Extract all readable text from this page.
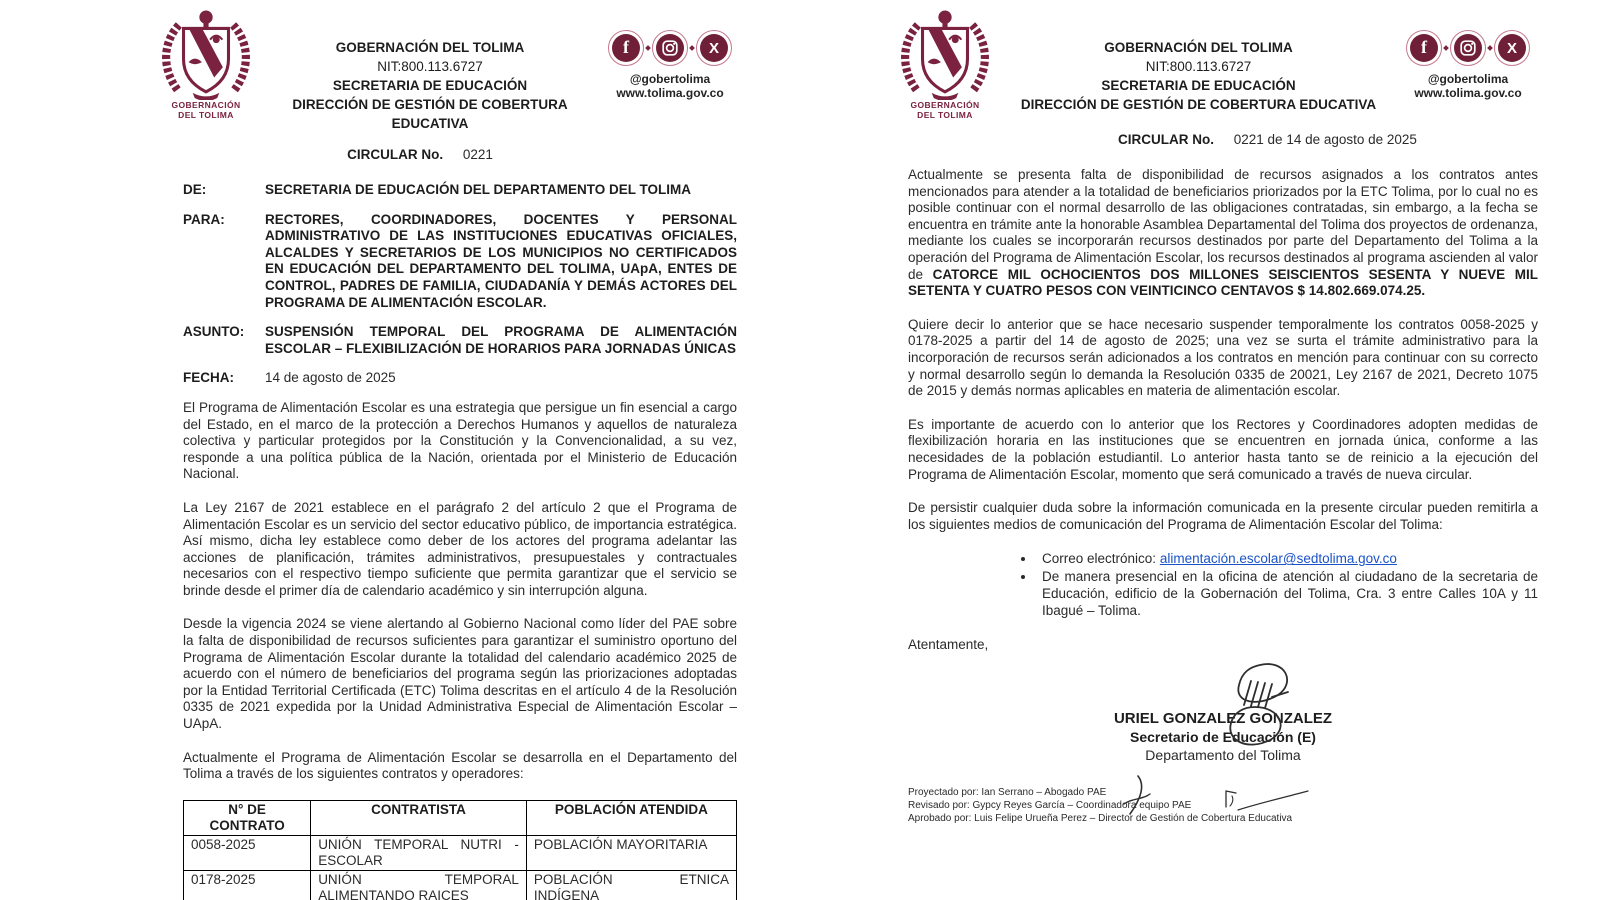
GOBERNACIÓN
DEL TOLIMA
GOBERNACIÓN DEL TOLIMA
NIT:800.113.6727
SECRETARIA DE EDUCACIÓN
DIRECCIÓN DE GESTIÓN DE COBERTURA EDUCATIVA
f	X
@gobertolima
www.tolima.gov.co
CIRCULAR No. 0221
DE:	SECRETARIA DE EDUCACIÓN DEL DEPARTAMENTO DEL TOLIMA
PARA:	RECTORES, COORDINADORES, DOCENTES Y PERSONAL ADMINISTRATIVO DE LAS INSTITUCIONES EDUCATIVAS OFICIALES, ALCALDES Y SECRETARIOS DE LOS MUNICIPIOS NO CERTIFICADOS EN EDUCACIÓN DEL DEPARTAMENTO DEL TOLIMA, UApA, ENTES DE CONTROL, PADRES DE FAMILIA, CIUDADANÍA Y DEMÁS ACTORES DEL PROGRAMA DE ALIMENTACIÓN ESCOLAR.
ASUNTO:	SUSPENSIÓN TEMPORAL DEL PROGRAMA DE ALIMENTACIÓN ESCOLAR – FLEXIBILIZACIÓN DE HORARIOS PARA JORNADAS ÚNICAS
FECHA:	14 de agosto de 2025

El Programa de Alimentación Escolar es una estrategia que persigue un fin esencial a cargo del Estado, en el marco de la protección a Derechos Humanos y aquellos de naturaleza colectiva y particular protegidos por la Constitución y la Convencionalidad, a su vez, responde a una política pública de la Nación, orientada por el Ministerio de Educación Nacional.

La Ley 2167 de 2021 establece en el parágrafo 2 del artículo 2 que el Programa de Alimentación Escolar es un servicio del sector educativo público, de importancia estratégica. Así mismo, dicha ley establece como deber de los actores del programa adelantar las acciones de planificación, trámites administrativos, presupuestales y contractuales necesarios con el respectivo tiempo suficiente que permita garantizar que el servicio se brinde desde el primer día de calendario académico y sin interrupción alguna.

Desde la vigencia 2024 se viene alertando al Gobierno Nacional como líder del PAE sobre la falta de disponibilidad de recursos suficientes para garantizar el suministro oportuno del Programa de Alimentación Escolar durante la totalidad del calendario académico 2025 de acuerdo con el número de beneficiarios del programa según las priorizaciones adoptadas por la Entidad Territorial Certificada (ETC) Tolima descritas en el artículo 4 de la Resolución 0335 de 2021 expedida por la Unidad Administrativa Especial de Alimentación Escolar – UApA.

Actualmente el Programa de Alimentación Escolar se desarrolla en el Departamento del Tolima a través de los siguientes contratos y operadores:

N° DE CONTRATO	CONTRATISTA	POBLACIÓN ATENDIDA
0058-2025	UNIÓN TEMPORAL NUTRI - ESCOLAR	POBLACIÓN MAYORITARIA
0178-2025	UNIÓN TEMPORAL ALIMENTANDO RAICES	POBLACIÓN ETNICA INDÍGENA
GOBERNACIÓN
DEL TOLIMA
GOBERNACIÓN DEL TOLIMA
NIT:800.113.6727
SECRETARIA DE EDUCACIÓN
DIRECCIÓN DE GESTIÓN DE COBERTURA EDUCATIVA
f	X
@gobertolima
www.tolima.gov.co
CIRCULAR No. 0221 de 14 de agosto de 2025

Actualmente se presenta falta de disponibilidad de recursos asignados a los contratos antes mencionados para atender a la totalidad de beneficiarios priorizados por la ETC Tolima, por lo cual no es posible continuar con el normal desarrollo de las obligaciones contratadas, sin embargo, a la fecha se encuentra en trámite ante la honorable Asamblea Departamental del Tolima dos proyectos de ordenanza, mediante los cuales se incorporarán recursos destinados por parte del Departamento del Tolima a la operación del Programa de Alimentación Escolar, los recursos destinados al programa ascienden al valor de CATORCE MIL OCHOCIENTOS DOS MILLONES SEISCIENTOS SESENTA Y NUEVE MIL SETENTA Y CUATRO PESOS CON VEINTICINCO CENTAVOS $ 14.802.669.074.25.

Quiere decir lo anterior que se hace necesario suspender temporalmente los contratos 0058-2025 y 0178-2025 a partir del 14 de agosto de 2025; una vez se surta el trámite administrativo para la incorporación de recursos serán adicionados a los contratos en mención para continuar con su correcto y normal desarrollo según lo demanda la Resolución 0335 de 20021, Ley 2167 de 2021, Decreto 1075 de 2015 y demás normas aplicables en materia de alimentación escolar.

Es importante de acuerdo con lo anterior que los Rectores y Coordinadores adopten medidas de flexibilización horaria en las instituciones que se encuentren en jornada única, conforme a las necesidades de la población estudiantil. Lo anterior hasta tanto se de reinicio a la ejecución del Programa de Alimentación Escolar, momento que será comunicado a través de nueva circular.

De persistir cualquier duda sobre la información comunicada en la presente circular pueden remitirla a los siguientes medios de comunicación del Programa de Alimentación Escolar del Tolima:

• Correo electrónico: alimentación.escolar@sedtolima.gov.co
• De manera presencial en la oficina de atención al ciudadano de la secretaria de Educación, edificio de la Gobernación del Tolima, Cra. 3 entre Calles 10A y 11 Ibagué – Tolima.
Atentamente,
URIEL GONZALEZ GONZALEZ
Secretario de Educación (E)
Departamento del Tolima
Proyectado por: Ian Serrano – Abogado PAE
Revisado por: Gypcy Reyes García – Coordinadora equipo PAE
Aprobado por: Luis Felipe Urueña Perez – Director de Gestión de Cobertura Educativa
